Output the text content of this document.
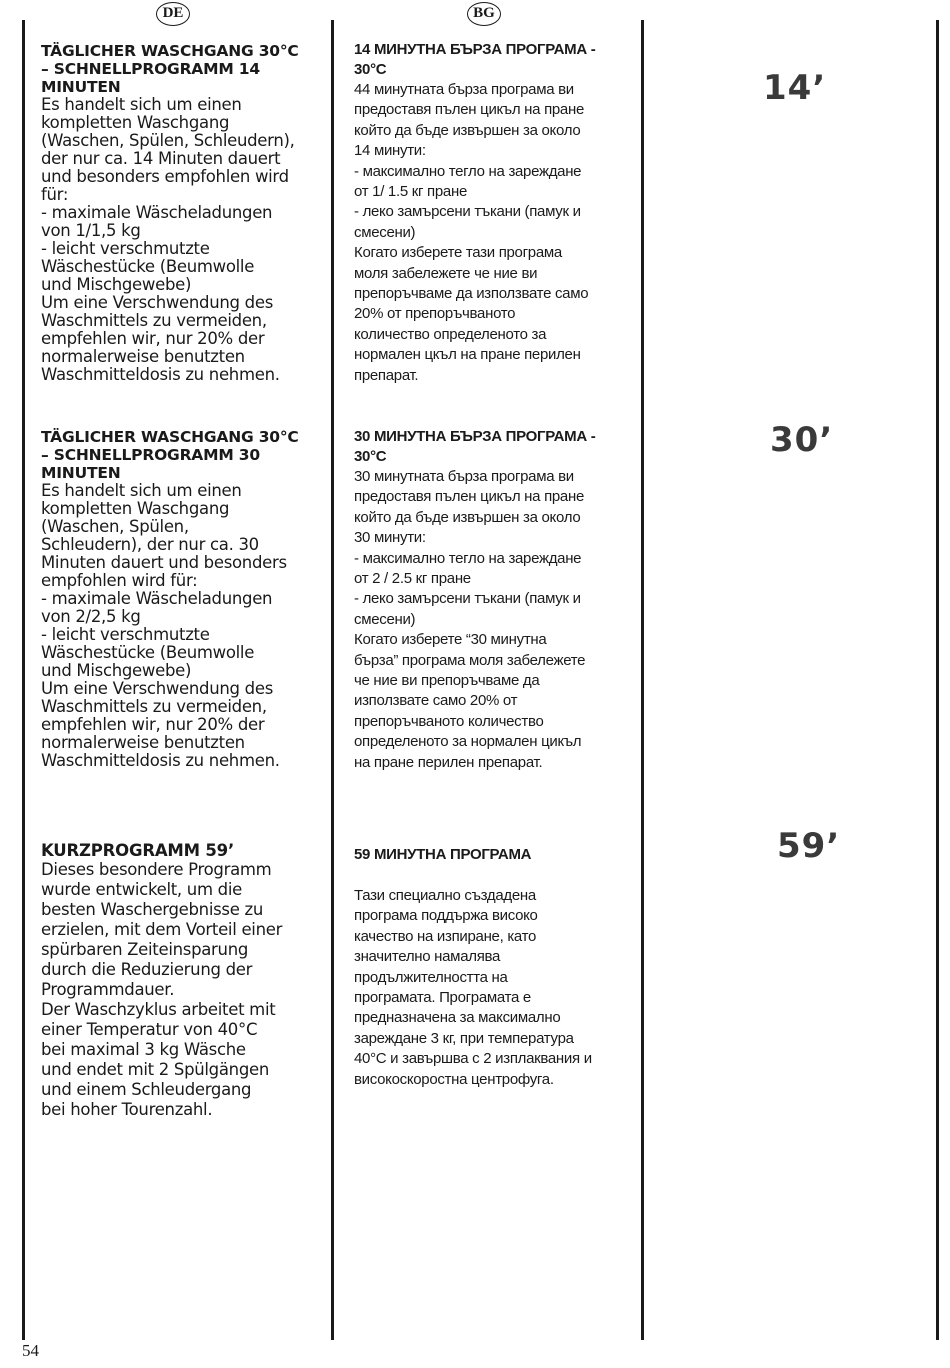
DE	BG
TÄGLICHER WASCHGANG 30°C
– SCHNELLPROGRAMM 14
MINUTEN
Es handelt sich um einen
kompletten Waschgang
(Waschen, Spülen, Schleudern),
der nur ca. 14 Minuten dauert
und besonders empfohlen wird
für:
- maximale Wäscheladungen
von 1/1,5 kg
- leicht verschmutzte
Wäschestücke (Beumwolle
und Mischgewebe)
Um eine Verschwendung des
Waschmittels zu vermeiden,
empfehlen wir, nur 20% der
normalerweise benutzten
Waschmitteldosis zu nehmen.
14 МИНУТНА БЪРЗА ПРОГРАМА -
30°C
44 минутната бърза програма ви
предоставя пълен цикъл на пране
който да бъде извършен за около
14 минути:
- максимално тегло на зареждане
от 1/ 1.5 кг пране
- леко замърсени тъкани (памук и
смесени)
Когато изберете тази програма
моля забележете че ние ви
препоръчваме да използвате само
20% от препоръчваното
количество определеното за
нормален цкъл на пране перилен
препарат.
14’
TÄGLICHER WASCHGANG 30°C
– SCHNELLPROGRAMM 30
MINUTEN
Es handelt sich um einen
kompletten Waschgang
(Waschen, Spülen,
Schleudern), der nur ca. 30
Minuten dauert und besonders
empfohlen wird für:
- maximale Wäscheladungen
von 2/2,5 kg
- leicht verschmutzte
Wäschestücke (Beumwolle
und Mischgewebe)
Um eine Verschwendung des
Waschmittels zu vermeiden,
empfehlen wir, nur 20% der
normalerweise benutzten
Waschmitteldosis zu nehmen.
30 МИНУТНА БЪРЗА ПРОГРАМА -
30°C
30 минутната бърза програма ви
предоставя пълен цикъл на пране
който да бъде извършен за около
30 минути:
- максимално тегло на зареждане
от 2 / 2.5 кг пране
- леко замърсени тъкани (памук и
смесени)
Когато изберете “30 минутна
бърза” програма моля забележете
че ние ви препоръчваме да
използвате само 20% от
препоръчваното количество
определеното за нормален цикъл
на пране перилен препарат.
30’
KURZPROGRAMM 59’
Dieses besondere Programm
wurde entwickelt, um die
besten Waschergebnisse zu
erzielen, mit dem Vorteil einer
spürbaren Zeiteinsparung
durch die Reduzierung der
Programmdauer.
Der Waschzyklus arbeitet mit
einer Temperatur von 40°C
bei maximal 3 kg Wäsche
und endet mit 2 Spülgängen
und einem Schleudergang
bei hoher Tourenzahl.
59 МИНУТНА ПРОГРАМА
Тази специално създадена
програма поддържа високо
качество на изпиране, като
значително намалява
продължителността на
програмата. Програмата е
предназначена за максимално
зареждане 3 кг, при температура
40°С и завършва с 2 изплаквания и
високоскоростна центрофуга.
59’
54
